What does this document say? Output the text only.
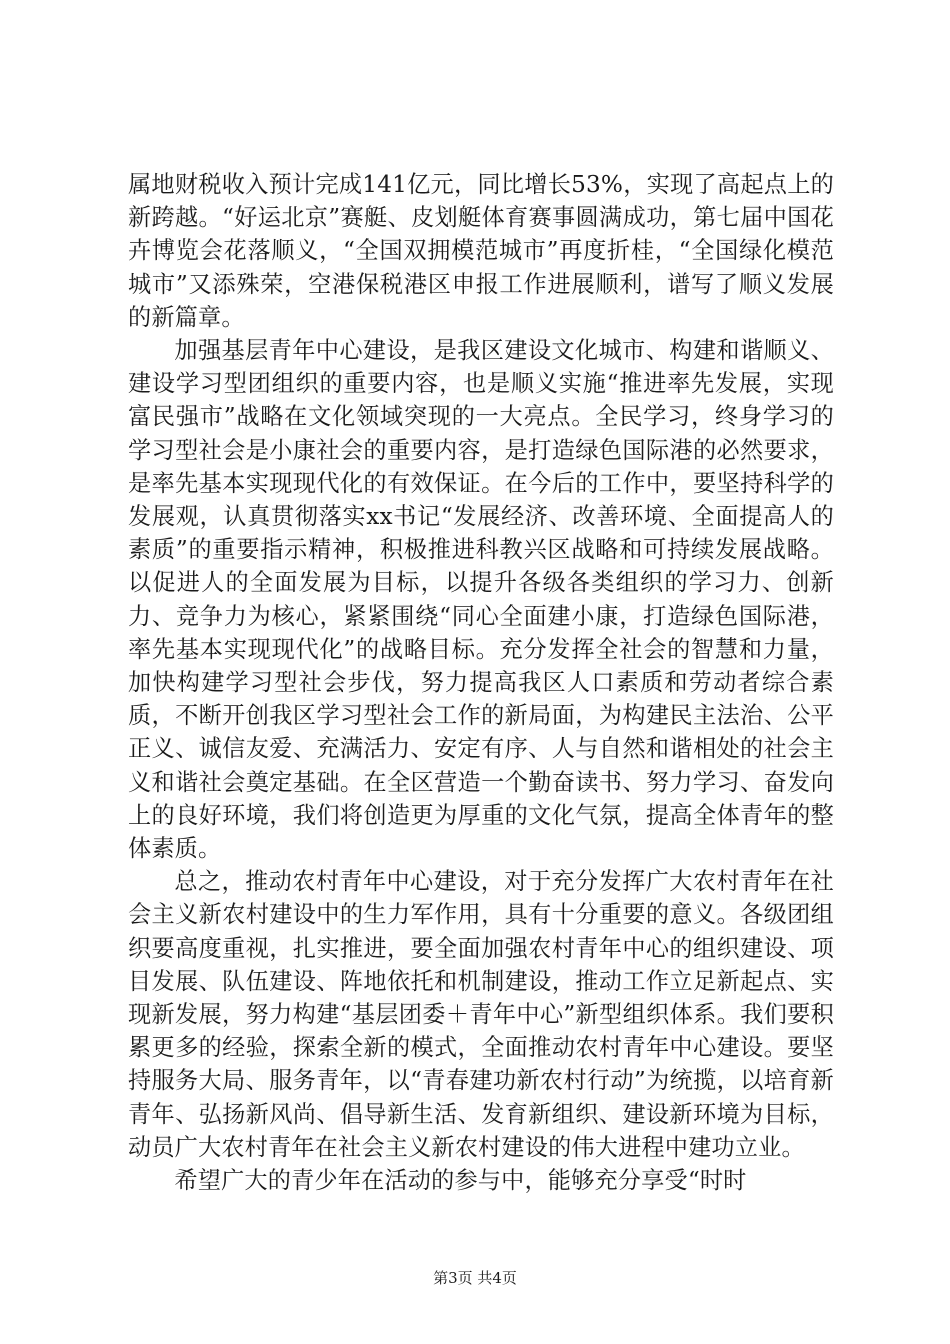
属地财税收入预计完成141亿元，同比增长53%，实现了高起点上的新跨越。“好运北京”赛艇、皮划艇体育赛事圆满成功，第七届中国花卉博览会花落顺义，“全国双拥模范城市”再度折桂，“全国绿化模范城市”又添殊荣，空港保税港区申报工作进展顺利，谱写了顺义发展的新篇章。

加强基层青年中心建设，是我区建设文化城市、构建和谐顺义、建设学习型团组织的重要内容，也是顺义实施“推进率先发展，实现富民强市”战略在文化领域突现的一大亮点。全民学习，终身学习的学习型社会是小康社会的重要内容，是打造绿色国际港的必然要求，是率先基本实现现代化的有效保证。在今后的工作中，要坚持科学的发展观，认真贯彻落实xx书记“发展经济、改善环境、全面提高人的素质”的重要指示精神，积极推进科教兴区战略和可持续发展战略。以促进人的全面发展为目标，以提升各级各类组织的学习力、创新力、竞争力为核心，紧紧围绕“同心全面建小康，打造绿色国际港，率先基本实现现代化”的战略目标。充分发挥全社会的智慧和力量，加快构建学习型社会步伐，努力提高我区人口素质和劳动者综合素质，不断开创我区学习型社会工作的新局面，为构建民主法治、公平正义、诚信友爱、充满活力、安定有序、人与自然和谐相处的社会主义和谐社会奠定基础。在全区营造一个勤奋读书、努力学习、奋发向上的良好环境，我们将创造更为厚重的文化气氛，提高全体青年的整体素质。

总之，推动农村青年中心建设，对于充分发挥广大农村青年在社会主义新农村建设中的生力军作用，具有十分重要的意义。各级团组织要高度重视，扎实推进，要全面加强农村青年中心的组织建设、项目发展、队伍建设、阵地依托和机制建设，推动工作立足新起点、实现新发展，努力构建“基层团委＋青年中心”新型组织体系。我们要积累更多的经验，探索全新的模式，全面推动农村青年中心建设。要坚持服务大局、服务青年，以“青春建功新农村行动”为统揽，以培育新青年、弘扬新风尚、倡导新生活、发育新组织、建设新环境为目标，动员广大农村青年在社会主义新农村建设的伟大进程中建功立业。

希望广大的青少年在活动的参与中，能够充分享受“时时

第3页 共4页
